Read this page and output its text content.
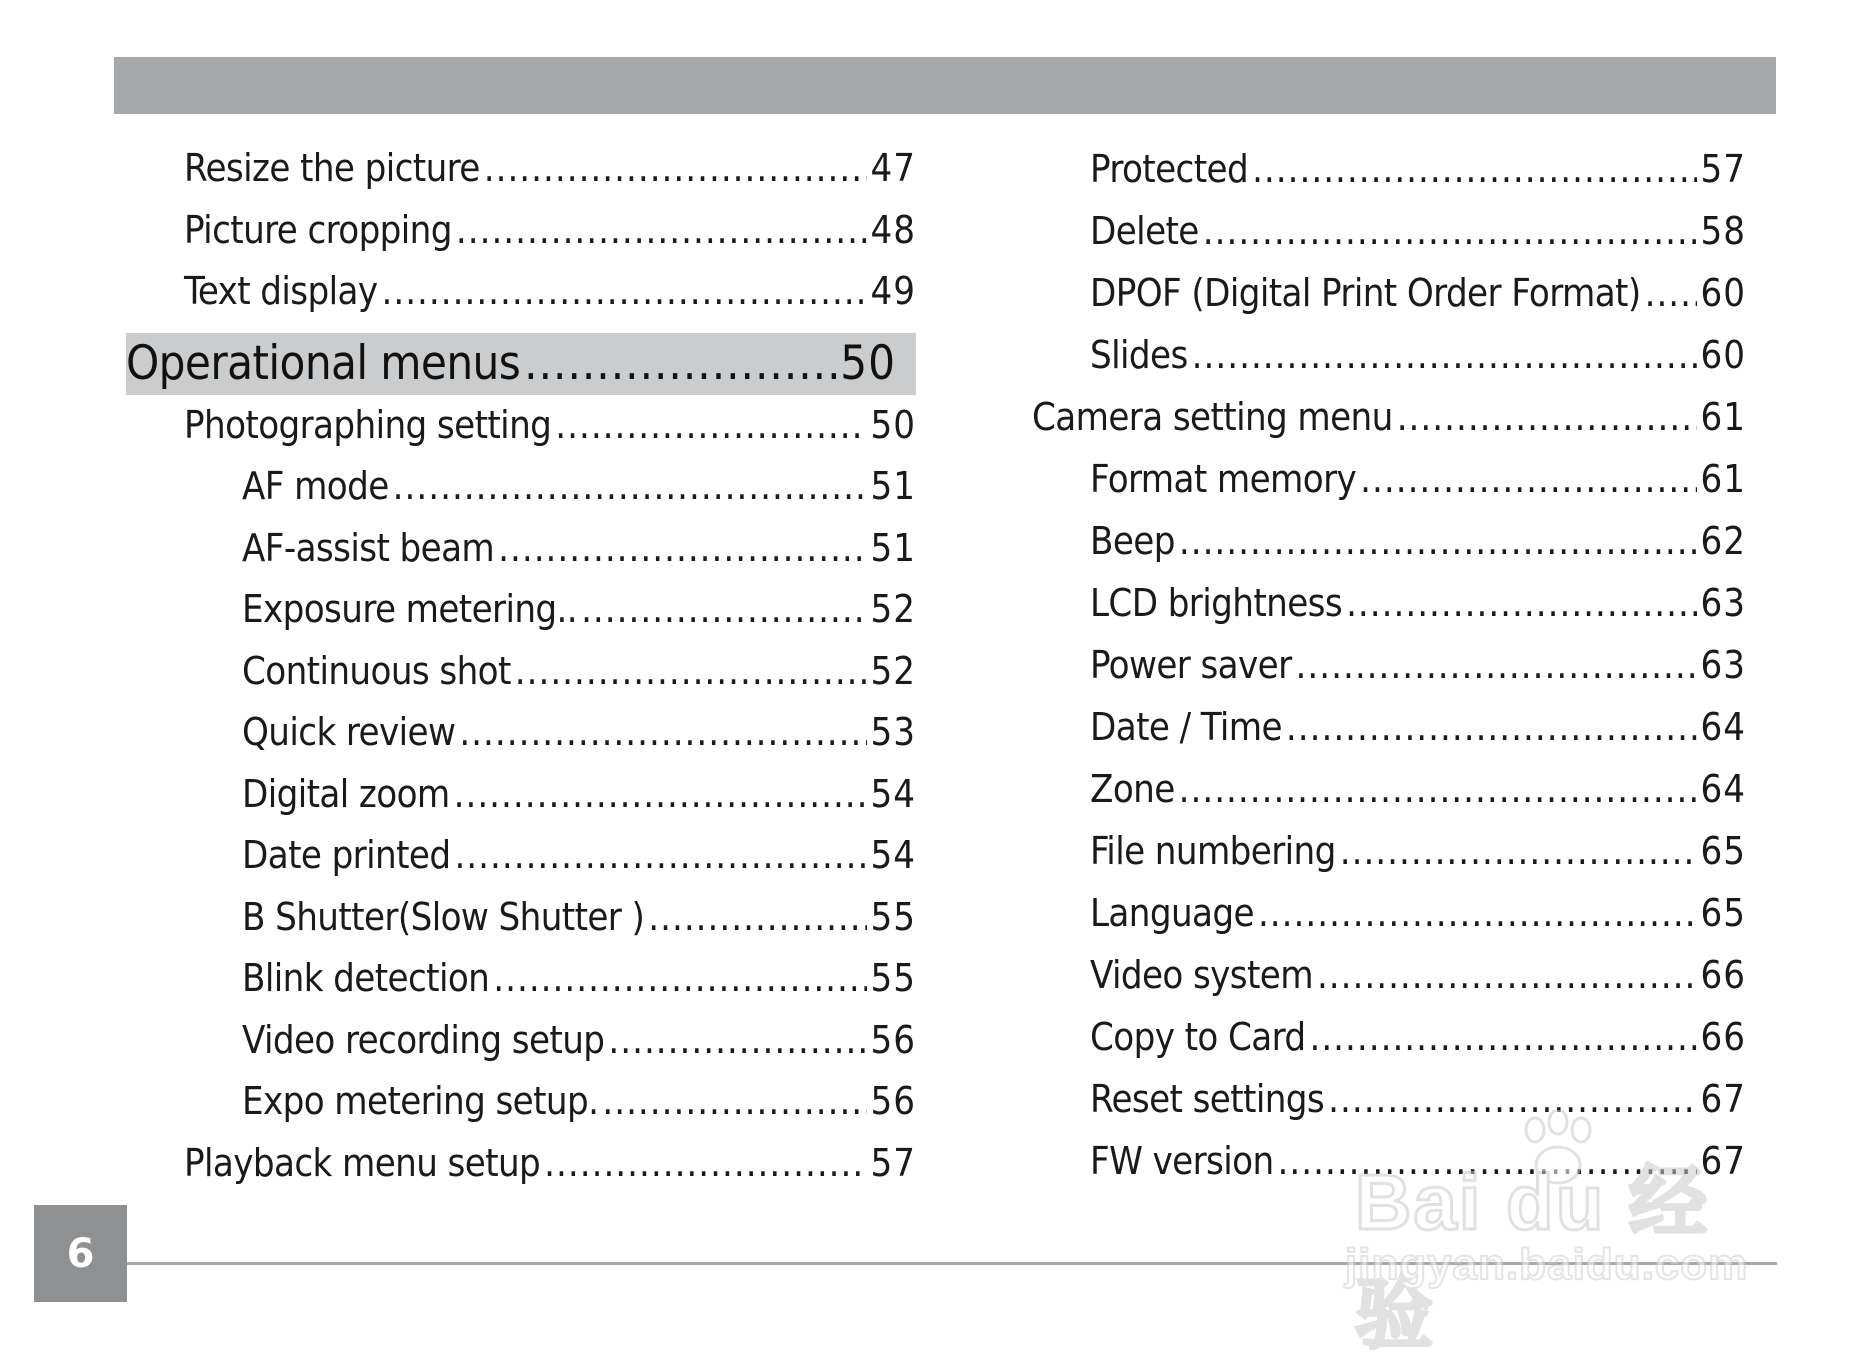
Resize the picture .....	47
Picture cropping .....	48
Text display .....	49
Operational menus .....	50
Photographing setting .....	50
AF mode .....	51
AF-assist beam .....	51
Exposure metering.. .....	52
Continuous shot .....	52
Quick review .....	53
Digital zoom .....	54
Date printed .....	54
B Shutter(Slow Shutter ) .....	55
Blink detection .....	55
Video recording setup .....	56
Expo metering setup. .....	56
Playback menu setup .....	57
Protected .....	57
Delete .....	58
DPOF (Digital Print Order Format) ..... 60
Slides .....	60
Camera setting menu .....	61
Format memory .....	61
Beep .....	62
LCD brightness .....	63
Power saver .....	63
Date / Time .....	64
Zone .....	64
File numbering .....	65
Language .....	65
Video system .....	66
Copy to Card .....	66
Reset settings .....	67
FW version .....	67
6
Bai du 经验
jingyan.baidu.com
